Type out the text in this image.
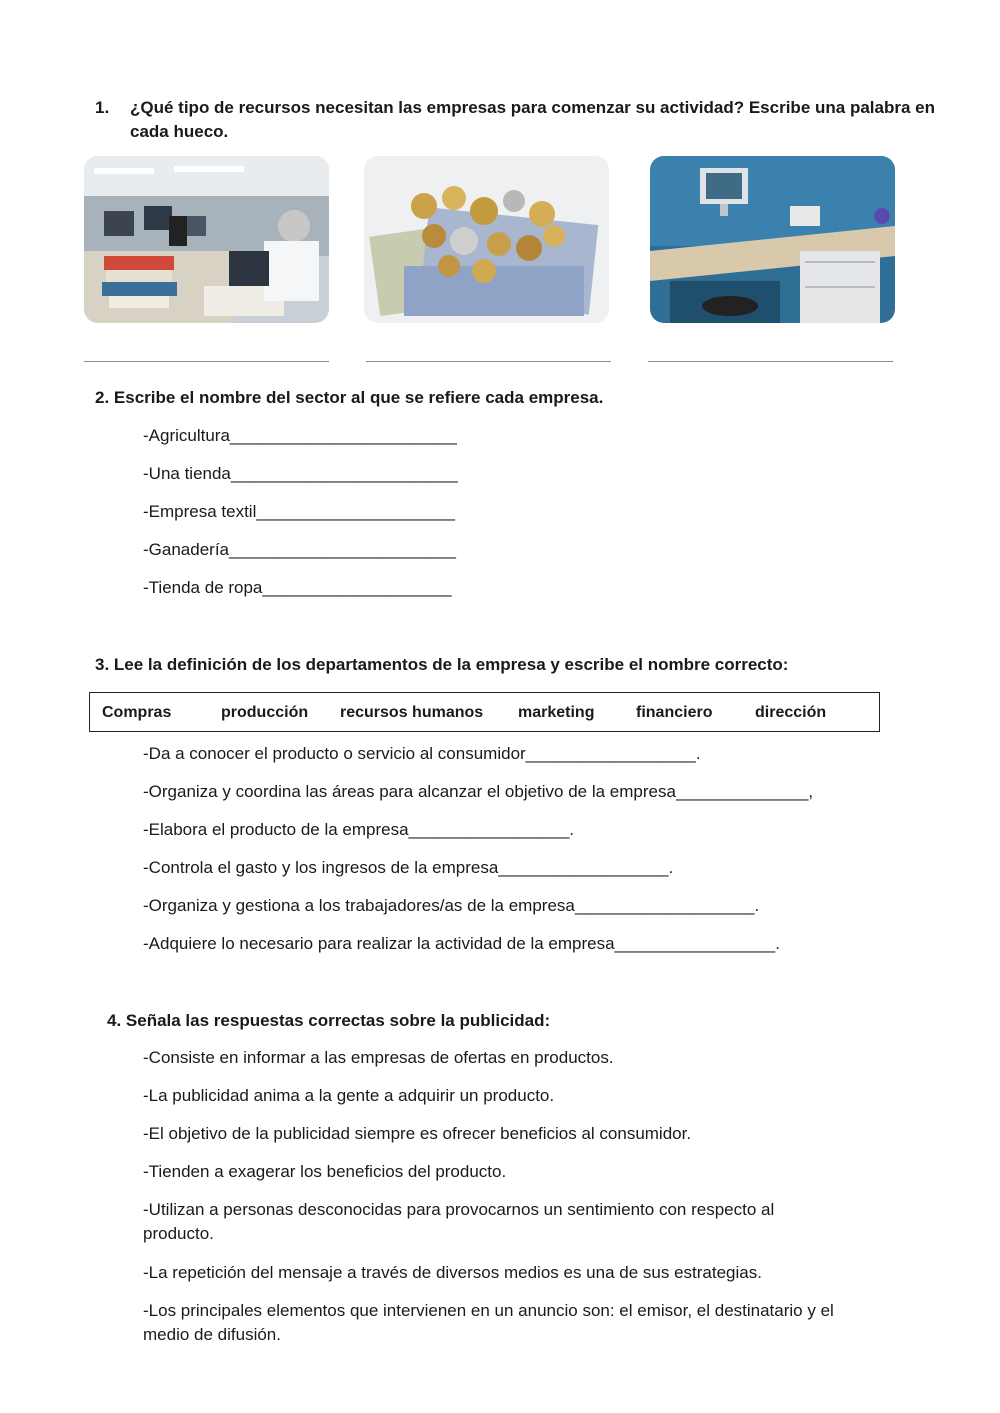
1.	¿Qué tipo de recursos necesitan las empresas para comenzar su actividad? Escribe una palabra en cada hueco.

2. Escribe el nombre del sector al que se refiere cada empresa.

-Agricultura________________________

-Una tienda________________________

-Empresa textil_____________________

-Ganadería________________________

-Tienda de ropa____________________

3. Lee la definición de los departamentos de la empresa y escribe el nombre correcto:

Compras	producción recursos humanos marketing	financiero	dirección

-Da a conocer el producto o servicio al consumidor__________________.

-Organiza y coordina las áreas para alcanzar el objetivo de la empresa______________,

-Elabora el producto de la empresa_________________.

-Controla el gasto y los ingresos de la empresa__________________.

-Organiza y gestiona a los trabajadores/as de la empresa___________________.

-Adquiere lo necesario para realizar la actividad de la empresa_________________.

4. Señala las respuestas correctas sobre la publicidad:

-Consiste en informar a las empresas de ofertas en productos.

-La publicidad anima a la gente a adquirir un producto.

-El objetivo de la publicidad siempre es ofrecer beneficios al consumidor.

-Tienden a exagerar los beneficios del producto.

-Utilizan a personas desconocidas para provocarnos un sentimiento con respecto al producto.

-La repetición del mensaje a través de diversos medios es una de sus estrategias.

-Los principales elementos que intervienen en un anuncio son: el emisor, el destinatario y el medio de difusión.
